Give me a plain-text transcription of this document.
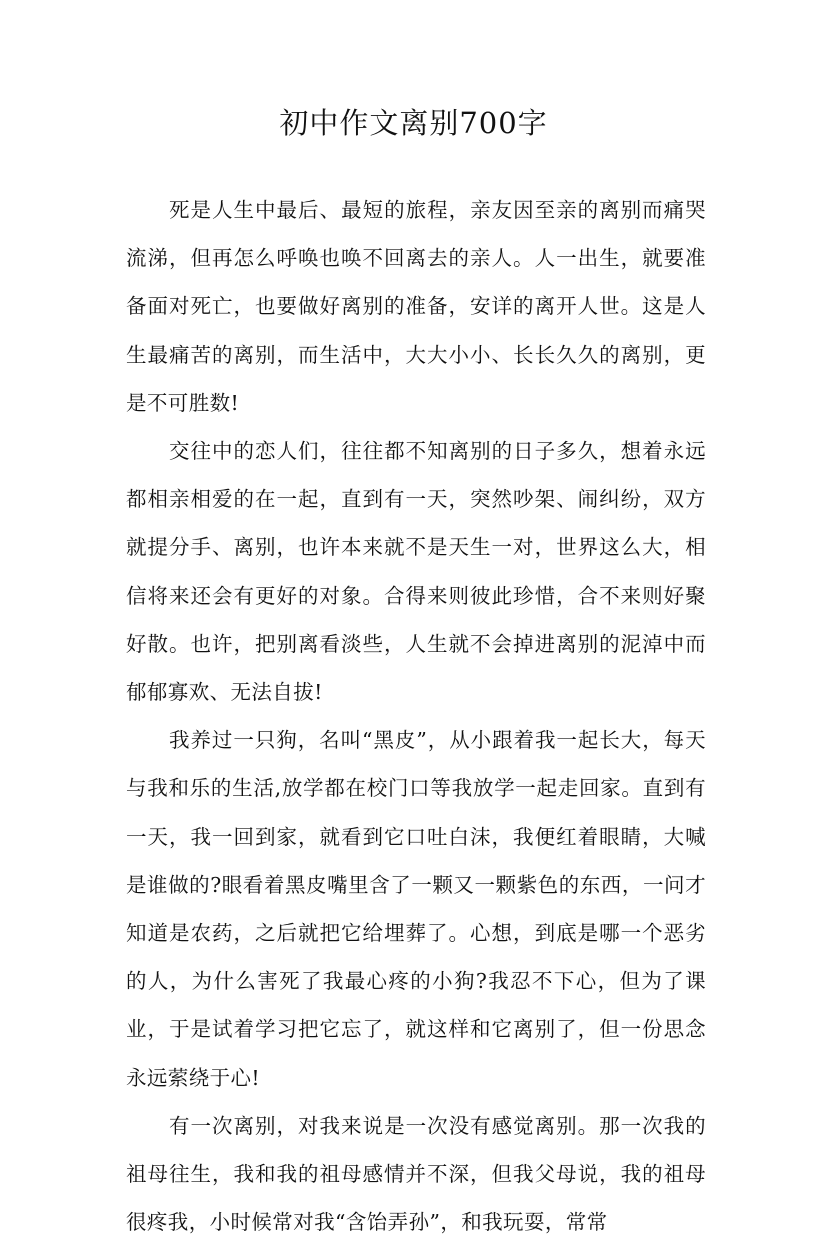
初中作文离别700字

死是人生中最后、最短的旅程，亲友因至亲的离别而痛哭流涕，但再怎么呼唤也唤不回离去的亲人。人一出生，就要准备面对死亡，也要做好离别的准备，安详的离开人世。这是人生最痛苦的离别，而生活中，大大小小、长长久久的离别，更是不可胜数!

交往中的恋人们，往往都不知离别的日子多久，想着永远都相亲相爱的在一起，直到有一天，突然吵架、闹纠纷，双方就提分手、离别，也许本来就不是天生一对，世界这么大，相信将来还会有更好的对象。合得来则彼此珍惜，合不来则好聚好散。也许，把别离看淡些，人生就不会掉进离别的泥淖中而郁郁寡欢、无法自拔!

我养过一只狗，名叫“黑皮”，从小跟着我一起长大，每天与我和乐的生活,放学都在校门口等我放学一起走回家。直到有一天，我一回到家，就看到它口吐白沫，我便红着眼睛，大喊是谁做的?眼看着黑皮嘴里含了一颗又一颗紫色的东西，一问才知道是农药，之后就把它给埋葬了。心想，到底是哪一个恶劣的人，为什么害死了我最心疼的小狗?我忍不下心，但为了课业，于是试着学习把它忘了，就这样和它离别了，但一份思念永远萦绕于心!

有一次离别，对我来说是一次没有感觉离别。那一次我的祖母往生，我和我的祖母感情并不深，但我父母说，我的祖母很疼我，小时候常对我“含饴弄孙”，和我玩耍，常常
